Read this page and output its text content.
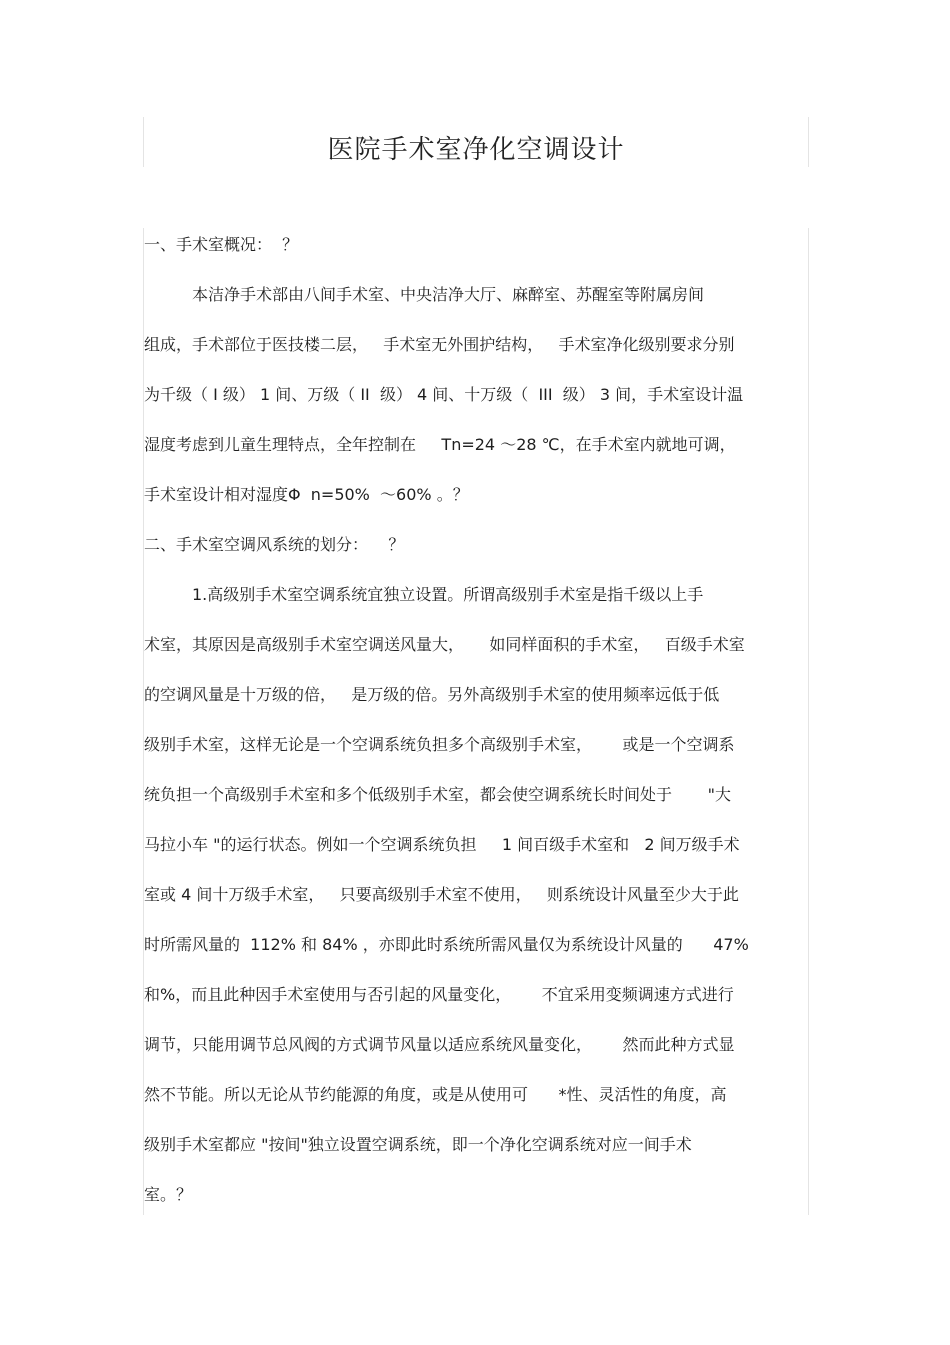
医院手术室净化空调设计
一、手术室概况：  ？
本洁净手术部由八间手术室、中央洁净大厅、麻醉室、苏醒室等附属房间
组成，手术部位于医技楼二层，   手术室无外围护结构，   手术室净化级别要求分别
为千级（ I 级） 1 间、万级（ II  级） 4 间、十万级（  III  级） 3 间，手术室设计温
湿度考虑到儿童生理特点，全年控制在     Tn=24 ～28 ℃，在手术室内就地可调，
手术室设计相对湿度Φ  n=50%  ～60% 。？
二、手术室空调风系统的划分：    ？
1.高级别手术室空调系统宜独立设置。所谓高级别手术室是指千级以上手
术室，其原因是高级别手术室空调送风量大，     如同样面积的手术室，   百级手术室
的空调风量是十万级的倍，   是万级的倍。另外高级别手术室的使用频率远低于低
级别手术室，这样无论是一个空调系统负担多个高级别手术室，      或是一个空调系
统负担一个高级别手术室和多个低级别手术室，都会使空调系统长时间处于       "大
马拉小车 "的运行状态。例如一个空调系统负担     1 间百级手术室和   2 间万级手术
室或 4 间十万级手术室，   只要高级别手术室不使用，   则系统设计风量至少大于此
时所需风量的  112% 和 84% ，亦即此时系统所需风量仅为系统设计风量的      47%
和%，而且此种因手术室使用与否引起的风量变化，      不宜采用变频调速方式进行
调节，只能用调节总风阀的方式调节风量以适应系统风量变化，      然而此种方式显
然不节能。所以无论从节约能源的角度，或是从使用可      *性、灵活性的角度，高
级别手术室都应 "按间"独立设置空调系统，即一个净化空调系统对应一间手术
室。？
